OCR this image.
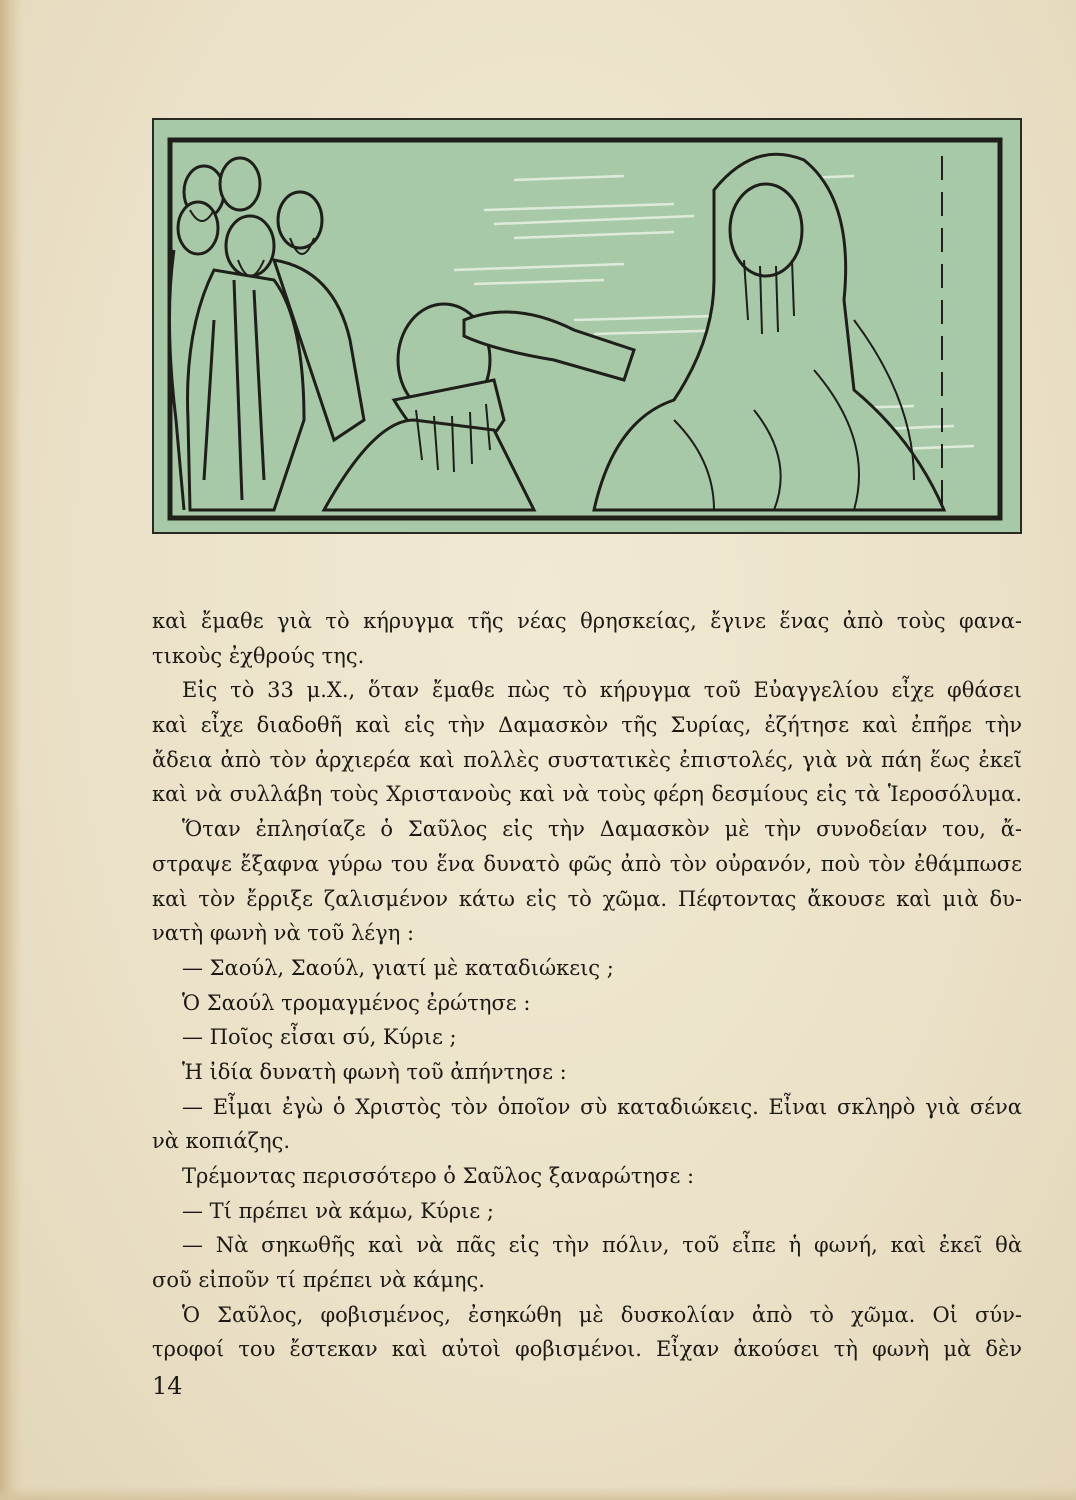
καὶ ἔμαθε γιὰ τὸ κήρυγμα τῆς νέας θρησκείας, ἔγινε ἕνας ἀπὸ τοὺς φανα-
τικοὺς ἐχθρούς της.
Εἰς τὸ 33 μ.Χ., ὅταν ἔμαθε πὼς τὸ κήρυγμα τοῦ Εὐαγγελίου εἶχε φθάσει
καὶ εἶχε διαδοθῆ καὶ εἰς τὴν Δαμασκὸν τῆς Συρίας, ἐζήτησε καὶ ἐπῆρε τὴν
ἄδεια ἀπὸ τὸν ἀρχιερέα καὶ πολλὲς συστατικὲς ἐπιστολές, γιὰ νὰ πάη ἕως ἐκεῖ
καὶ νὰ συλλάβη τοὺς Χριστανοὺς καὶ νὰ τοὺς φέρη δεσμίους εἰς τὰ Ἱεροσόλυμα.
Ὅταν ἐπλησίαζε ὁ Σαῦλος εἰς τὴν Δαμασκὸν μὲ τὴν συνοδείαν του, ἄ-
στραψε ἔξαφνα γύρω του ἕνα δυνατὸ φῶς ἀπὸ τὸν οὐρανόν, ποὺ τὸν ἐθάμπωσε
καὶ τὸν ἔρριξε ζαλισμένον κάτω εἰς τὸ χῶμα. Πέφτοντας ἄκουσε καὶ μιὰ δυ-
νατὴ φωνὴ νὰ τοῦ λέγη :
— Σαούλ, Σαούλ, γιατί μὲ καταδιώκεις ;
Ὁ Σαούλ τρομαγμένος ἐρώτησε :
— Ποῖος εἶσαι σύ, Κύριε ;
Ἡ ἰδία δυνατὴ φωνὴ τοῦ ἀπήντησε :
— Εἶμαι ἐγὼ ὁ Χριστὸς τὸν ὁποῖον σὺ καταδιώκεις. Εἶναι σκληρὸ γιὰ σένα
νὰ κοπιάζης.
Τρέμοντας περισσότερο ὁ Σαῦλος ξαναρώτησε :
— Τί πρέπει νὰ κάμω, Κύριε ;
— Νὰ σηκωθῆς καὶ νὰ πᾶς εἰς τὴν πόλιν, τοῦ εἶπε ἡ φωνή, καὶ ἐκεῖ θὰ
σοῦ εἰποῦν τί πρέπει νὰ κάμης.
Ὁ Σαῦλος, φοβισμένος, ἐσηκώθη μὲ δυσκολίαν ἀπὸ τὸ χῶμα. Οἱ σύν-
τροφοί του ἔστεκαν καὶ αὐτοὶ φοβισμένοι. Εἶχαν ἀκούσει τὴ φωνὴ μὰ δὲν
14
